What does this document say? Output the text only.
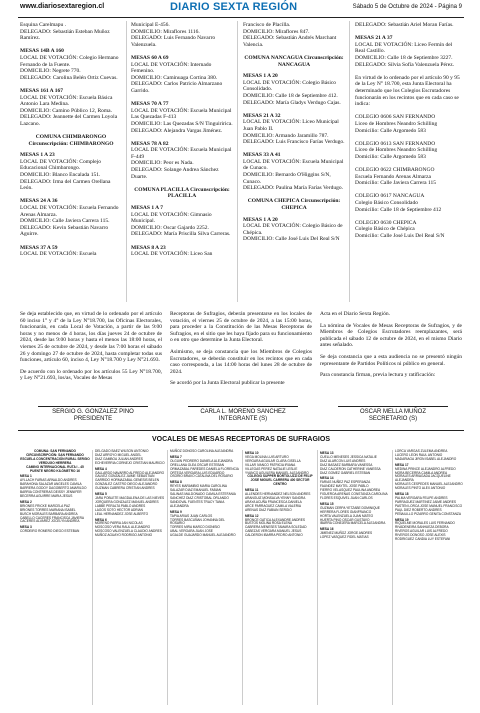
www.diariosextaregion.cl	DIARIO SEXTA REGIÓN	Sábado 5 de Octubre de 2024 - Página 9

Esquina Carelmapu .
DELEGADO: Sebastián Esteban Muñoz Ramírez.

MESAS 14B A 160
LOCAL DE VOTACIÓN: Colegio Hermano Fernando de la Fuente.
DOMICILIO: Negrete 770.
DELEGADO: Carolina Belén Ortiz Cuevas.

MESAS 161 A 167
LOCAL DE VOTACIÓN: Escuela Básica Antonio Lara Medina.
DOMICILIO: Camino Público 12, Roma.
DELEGADO: Jeannette del Carmen Loyola Lazcano.

COMUNA CHIMBARONGO Circunscripción: CHIMBARONGO

MESAS 1 A 23
LOCAL DE VOTACIÓN: Complejo Educacional Chimbarongo.
DOMICILIO: Blanco Encalada 151.
DELEGADO: Irma del Carmen Orellana León.

MESAS 24 A 36
LOCAL DE VOTACIÓN: Escuela Fernando Arenas Almarza.
DOMICILIO: Calle Javiera Carrera 115.
DELEGADO: Kevin Sebastián Navarro Aguirre.

MESAS 37 A 59
LOCAL DE VOTACIÓN: Escuela

Municipal E-456.
DOMICILIO: Miraflores 1116.
DELEGADO: Luis Fernando Navarro Valenzuela.

MESAS 60 A 69
LOCAL DE VOTACIÓN: Internado Femenino.
DOMICILIO: Caminuaga Cortina 380.
DELEGADO: Carlos Patricio Almarzano Garrido.

MESAS 70 A 77
LOCAL DE VOTACIÓN: Escuela Municipal Las Quezadas F-413
DOMICILIO: Las Quezadas S/N Tinguiririca.
DELEGADO: Alejandra Vargas Jiménez.

MESAS 78 A 82
LOCAL DE VOTACIÓN: Escuela Municipal F-449
DOMICILIO: Peor es Nada.
DELEGADO: Solange Andrea Sánchez Duarte.

COMUNA PLACILLA Circunscripción: PLACILLA

MESAS 1 A 7
LOCAL DE VOTACIÓN: Gimnasio Municipal.
DOMICILIO: Oscar Gajardo 2252.
DELEGADO: María Priscilla Silva Carreras.

MESAS 8 A 23
LOCAL DE VOTACIÓN: Liceo San

Francisco de Placilla.
DOMICILIO: Miraflores 847.
DELEGADO: Sebastián Andrés Marchant Valencia.

COMUNA NANCAGUA Circunscripción: NANCAGUA

MESAS 1 A 20
LOCAL DE VOTACIÓN: Colegio Básico Consolidado.
DOMICILIO: Calle 18 de Septiembre 412.
DELEGADO: María Gladys Verdugo Cajas.

MESAS 21 A 32
LOCAL DE VOTACIÓN: Liceo Municipal Juan Pablo II.
DOMICILIO: Armando Jaramillo 787.
DELEGADO: Luis Francisco Farías Verdugo.

MESAS 33 A 41
LOCAL DE VOTACIÓN: Escuela Municipal de Cunaco.
DOMICILIO: Bernardo O'Higgins S/N, Cunaco.
DELEGADO: Paulina María Farías Verdugo.

COMUNA CHEPICA Circunscripción: CHEPICA

MESAS 1 A 20
LOCAL DE VOTACIÓN: Colegio Básico de Chépica.
DOMICILIO: Calle José Luis Del Real S/N

DELEGADO: Sebastián Ariel Moran Farías.

MESAS 21 A 37
LOCAL DE VOTACIÓN: Liceo Fermín del Real Castillo.
DOMICILIO: Calle 18 de Septiembre 3227.
DELEGADO: Silvia Sofía Valenzuela Pérez.

En virtud de lo ordenado por el artículo 90 y 95 de la Ley N° 18.700, esta Junta Electoral ha determinado que los Colegios Escrutadores funcionarán en los recintos que en cada caso se indica:

COLEGIO 0606 SAN FERNANDO
Liceo de Hombres Neandro Schilling
Domicilio: Calle Argomedo 583

COLEGIO 0613 SAN FERNANDO
Liceo de Hombres Neandro Schilling
Domicilio: Calle Argomedo 583

COLEGIO 0622 CHIMBARONGO
Escuela Fernando Arenas Almarza
Domicilio: Calle Javiera Carrera 115

COLEGIO 0617 NANCAGUA
Colegio Básico Consolidado
Domicilio: Calle 18 de Septiembre 412

COLEGIO 0630 CHEPICA
Colegio Básico de Chépica
Domicilio: Calle José Luis Del Real S/N

Se deja establecido que, en virtud de lo ordenado por el artículo 60 inciso 1° y 4° de la Ley N°18.700, las Oficinas Electorales, funcionarán, en cada Local de Votación, a partir de las 9:00 horas y no menos de 4 horas, los días jueves 24 de octubre de 2024, desde las 9:00 horas y hasta el menos las 18:00 horas, el viernes 25 de octubre de 2024, y desde las 7:00 horas el sábado 26 y domingo 27 de octubre de 2024, hasta completar todas sus funciones, artículo 60, inciso 4, Ley N°18.700 y Ley N°21.693.

De acuerdo con lo ordenado por los artículos 55 Ley N°18.700, y Ley N°21.693, los/as, Vocales de Mesas

Receptoras de Sufragios, deberán presentarse en los locales de votación, el viernes 25 de octubre de 2024, a las 15:00 horas, para proceder a la Constitución de las Mesas Receptoras de Sufragios, en el sitio que les haya fijado para su funcionamiento o en otro que determine la Junta Electoral.

Asimismo, se deja constancia que los Miembros de Colegios Escrutadores, se deberán constituir en los recintos que en cada caso corresponda, a las 14:00 horas del lunes 28 de octubre de 2024.

Se acordó por la Junta Electoral publicar la presente

Acta en el Diario Sexta Región.

La nómina de Vocales de Mesas Receptoras de Sufragios, y de Miembros de Colegios Escrutadores reemplazantes, será publicada el sábado 12 de octubre de 2024, en el mismo Diario antes señalado.

Se deja constancia que a esta audiencia no se presentó ningún representante de Partidos Políticos ni público en general.

Para constancia firman, previa lectura y ratificación:

SERGIO G. GONZALEZ PINO
PRESIDENTE
CARLA L. MORENO SANCHEZ
INTEGRANTE (S)
OSCAR MELLA MUÑOZ
SECRETARIO (S)
VOCALES DE MESAS RECEPTORAS DE SUFRAGIOS
COMUNA: SAN FERNANDO
CIRCUNSCRIPCIÓN: SAN FERNANDO
ESCUELA CONCENTRACIÓN RURAL SERGIO VERDUGO HERRERA
CAMINO INTERNACIONAL RUTA I - 45 PUENTE NEGRO KILÓMETRO 16
MESA 1
AYLLACH FARIAS ARNALDO ANDRES
BARAHONA SALAZAR ANGELES CAMILA
BARRERA GODOY DAGOBERTO AMARILDO
BARRIA CONTRERAS DEISSY JENNIFER
BECERRA AGUIRRE MARIA JESUS
MESA 2
BRIONES FRICKE MARCELA PAZ
BRIONES TORRES MARIANA ISABEL
BUSCH MORALES BARBARA ANDREA
CABELLO CACERES FRANCISCA JAVIERA
CACERES ALVAREZ JOCELYN ANDREA
MESA 3
CORDEIRO ROMERO DIEGO ESTEBAN
DELGADO BAEZ WILSON ANTONIO
DIAZ ARROYO MIGUEL ANGEL
DIAZ GAMBOA JULIAN ANDRES
ECHEVERRIA CORNEJO CRISTIAN MAURICIO
MESA 4
GALLARDO NAVARRO ALFREDO ALEJANDRO
GALVEZ GONZALEZ JAIME SEBASTIAN
GARRIDO HORMAZABAL GENESIS BELEN
GONZALEZ CASTRO DIEGO ALEJANDRO
GUZMAN CABRERA CRISTIAN ANDRES
MESA 5
JARA POBLETE MAGDALENA DE LAS NIEVES
JORQUERA GONZALEZ MANUEL ANDRES
LABBE PERALTA PABLO ANDRES
LAGOS SOTO HECTOR ADRIAN
LEAL HERNANDEZ JOSE ALBERTO
MESA 6
MORENO PARRA JAN NICOLAS
MOSCOSO VERA RAUL ALEJANDRO
MOSCOSO VALENZUELA CLAUDIO ANDRES
MUÑOZ AGUAYO RODRIGO ANTONIO
MUÑOZ DONOSO CAROLINA ALEJANDRA
MESA 7
OLGUIN PEDRERO DANIELA ALEJANDRA
ORELLANA OLEA OSCAR ESTEBAN
ORMAZABAL PAREDES DANIELA FLORENCIA
ORTEGA VERGARA LUIS EDUARDO
OSORIO BRAVO CATALINA DEL ROSARIO
MESA 8
REYES MARAMBIO MARIA CAROLINA
SALAZAR DIAZ EMANUEL FABIAN
SALINAS MALDONADO CAMILA ESTEFANIA
SANCHEZ DIAZ CRISTOBAL ORLANDO
SANDOVAL FUENTES TRACY TANIA ALEJANDRA
MESA 9
TAPIA ARIAS JUAN CARLOS
TORRES BASCUÑAN JOHANNA DEL ROSARIO
TORRES MIRA MARCO DIONISIO
UBAL VERGARA JUAN JOSE
UGALDE GUAJARDO MANUEL ALEJANDRO
MESA 10
VEGA MOLINA LUIS ARTURO
VERGARA AGUILAR CLARA GISELLA
VILLAR IVANCO PATRICIA IRIANA
VILLEGAS PEREZ NATALIE LESLIE
YVANCO AGUILERA MANUEL ALEJANDRO
COLEGIO SUPPER BORTOLUZZI DE FELIP
JOSE MIGUEL CARRERA 400 SECTOR CENTRO
MESA 11
ALLENDES HERNANDEZ NELSON ANDRES
ARANGUIZ MONSALVA YENNY SANDRA
ARAYA ACUÑA FRANCESCA DANIELA
ARCE PARRAGUEZ CAMILA VALERIA
ARENAS DIAZ FABIAN SERGIO
MESA 12
BRONCE GATICA ALEXANDRE ANDRES
BUSTOS MOLINA ROSA ELENA
CABRERA MENESES TAMARA SOLEDAD
CABEZAS VERGARA MANUEL JESUS
CALDERON IBARRA PEDRO ANTONIO
MESA 13
CUELLO MENESES JESSICA NATALIE
DIAZ ALARCON LUIS ANDRES
DIAZ BASAEZ BARBARA VANESSA
DIAZ CALDERON CATHERINE VANESSA
DIAZ GOMEZ GABRIEL ESTEBAN
MESA 14
FARIAS NUÑEZ PAZ ESPERANZA
FAUNDEZ MAYTEL JOSE PABLO
FIERRO VELASQUEZ PAULINA ANDREA
FIGUEROA ARENAS CONSTANZA CAROLINA
FLORES ESQUIVEL JUAN CARLOS
MESA 15
GUZMAN CERPA YETZABE DOMINIQUE
HERRERA FLORES GIANFRANCO
HORTA VALENZUELA JUAN MATEO
HUERTA PINO OSCAR GUSTAVO
IBARRA CONEJERA MARCELA ALEJANDRA
MESA 16
JIMENEZ MUÑOZ JORGE ANDRES
LOPEZ VASQUEZ FIDEL MATIAS
LORCA VARGAS ZULEMA ANDREA
LUCERO LEON RAUL ANTONIO
MADARIAGA JIRON ISABEL ALEJANDRO
MESA 17
MEDINA PRINCE ALEJANDRO ALFREDO
MORA BECERRA CAMILA ANDREA
MORALES ARRIAGADA JACQUELINE ALEJANDRA
MORALES CESPEDES MANUEL ALEJANDRO
MORALES PINTO ALEX ANTONIO
MESA 18
PALMA VERGARA FELIPE ANDRES
PARRAGUEZ MARTINEZ JAIME ANDRES
PASTEN LORCA JOSE MANUEL FRANCISCO
PAUL DIEZ ROBERTO ANDRES
PEÑAILILLO PIZARRO GENITA CONSTANZA
MESA 19
RIQUELME MORALES LUIS FERNANDO
RIVADENEIRA SANHUEZA DEBORA
RIVEROS AGUILAR LUIS ALFREDO
RIVEROS DONOSO JOSE ALEXIS
RODRIGUEZ CANDIA LUY ESTEFANI
